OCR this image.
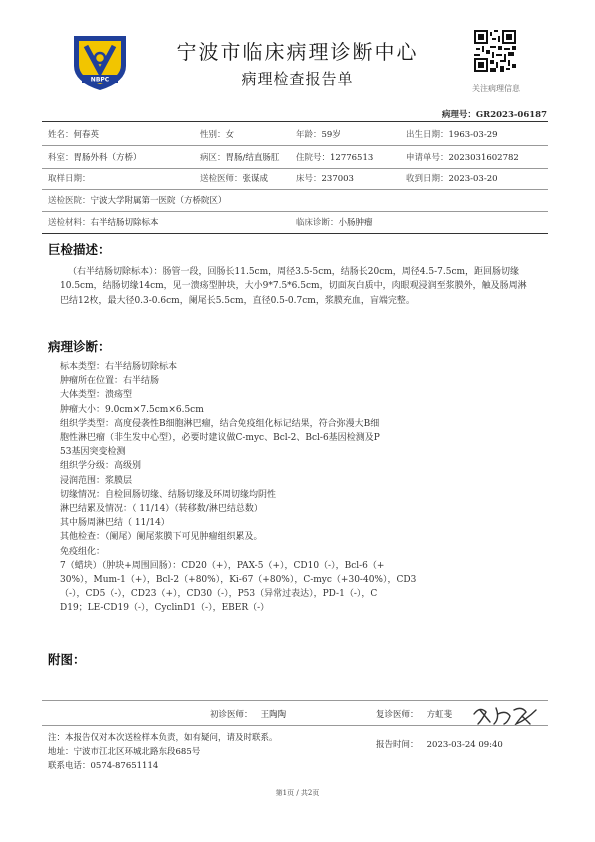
NBPC
宁波市临床病理诊断中心
病理检查报告单
关注病理信息
病理号：GR2023-06187
姓名：何春英	性别：女	年龄：59岁	出生日期：1963-03-29
科室：胃肠外科（方桥）	病区：胃肠/结直肠肛 住院号：12776513	申请单号：2023031602782
取样日期：	送检医师：张谋成	床号：237003	收到日期：2023-03-20
送检医院：宁波大学附属第一医院（方桥院区）
送检材料：右半结肠切除标本	临床诊断：小肠肿瘤
巨检描述：
（右半结肠切除标本）：肠管一段，回肠长11.5cm，周径3.5-5cm，结肠长20cm，周径4.5-7.5cm，距回肠切缘10.5cm，结肠切缘14cm，见一溃疡型肿块，大小9*7.5*6.5cm，切面灰白质中，肉眼观浸润至浆膜外，触及肠周淋巴结12枚，最大径0.3-0.6cm，阑尾长5.5cm，直径0.5-0.7cm，浆膜充血，盲端完整。
病理诊断：
标本类型：右半结肠切除标本
肿瘤所在位置：右半结肠
大体类型：溃疡型
肿瘤大小：9.0cm×7.5cm×6.5cm
组织学类型：高度侵袭性B细胞淋巴瘤，结合免疫组化标记结果，符合弥漫大B细
胞性淋巴瘤（非生发中心型），必要时建议做C-myc、Bcl-2、Bcl-6基因检测及P
53基因突变检测
组织学分级：高级别
浸润范围：浆膜层
切缘情况：自检回肠切缘、结肠切缘及环周切缘均阴性
淋巴结累及情况：（ 11/14）（转移数/淋巴结总数）
其中肠周淋巴结（ 11/14）
其他检查：（阑尾）阑尾浆膜下可见肿瘤组织累及。
免疫组化：
7（蜡块）（肿块+周围回肠）：CD20（+），PAX-5（+），CD10（-），Bcl-6（+
30%），Mum-1（+），Bcl-2（+80%），Ki-67（+80%），C-myc（+30-40%），CD3
（-），CD5（-），CD23（+），CD30（-），P53（异常过表达），PD-1（-），C
D19；LE-CD19（-），CyclinD1（-），EBER（-）
附图：
初诊医师： 王陶陶	复诊医师： 方虹斐
注：本报告仅对本次送检样本负责，如有疑问，请及时联系。
地址：宁波市江北区环城北路东段685号
联系电话：0574-87651114
报告时间： 2023-03-24 09:40
第1页 / 共2页
